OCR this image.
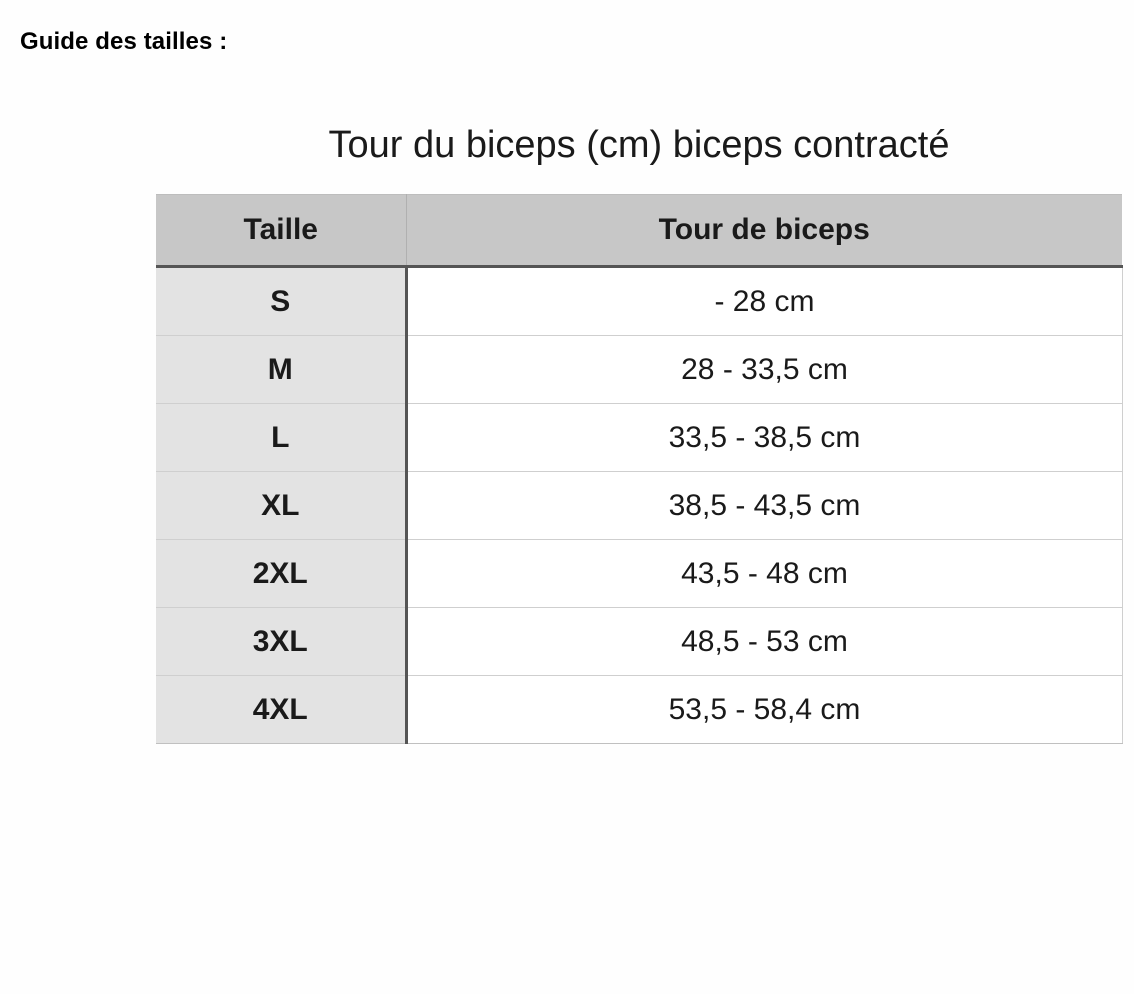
Guide des tailles :
Tour du biceps (cm) biceps contracté
Taille	Tour de biceps
S	- 28 cm
M	28 - 33,5 cm
L	33,5 - 38,5 cm
XL	38,5 - 43,5 cm
2XL	43,5 - 48 cm
3XL	48,5 - 53 cm
4XL	53,5 - 58,4 cm
